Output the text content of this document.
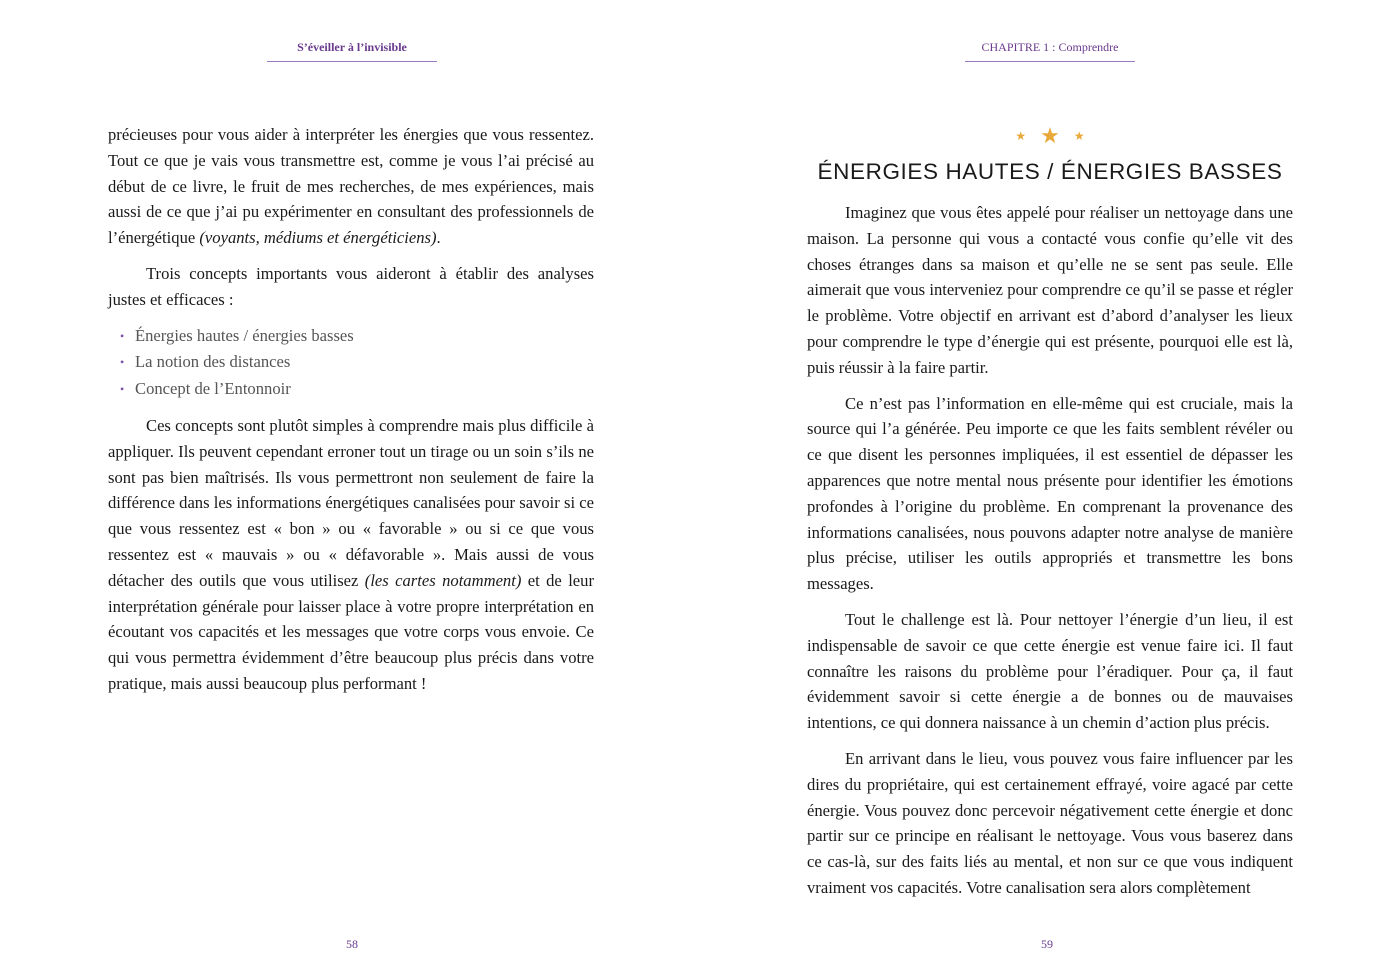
S’éveiller à l’invisible

précieuses pour vous aider à interpréter les énergies que vous ressentez. Tout ce que je vais vous transmettre est, comme je vous l’ai précisé au début de ce livre, le fruit de mes recherches, de mes expériences, mais aussi de ce que j’ai pu expérimenter en consultant des professionnels de l’énergétique (voyants, médiums et énergéticiens).

Trois concepts importants vous aideront à établir des analyses justes et efficaces :

• Énergies hautes / énergies basses
• La notion des distances
• Concept de l’Entonnoir

Ces concepts sont plutôt simples à comprendre mais plus difficile à appliquer. Ils peuvent cependant erroner tout un tirage ou un soin s’ils ne sont pas bien maîtrisés. Ils vous permettront non seulement de faire la différence dans les informations énergétiques canalisées pour savoir si ce que vous ressentez est « bon » ou « favorable » ou si ce que vous ressentez est « mauvais » ou « défavorable ». Mais aussi de vous détacher des outils que vous utilisez (les cartes notamment) et de leur interprétation générale pour laisser place à votre propre interprétation en écoutant vos capacités et les messages que votre corps vous envoie. Ce qui vous permettra évidemment d’être beaucoup plus précis dans votre pratique, mais aussi beaucoup plus performant !

58
CHAPITRE 1 : Comprendre
★ ★ ★
ÉNERGIES HAUTES / ÉNERGIES BASSES

Imaginez que vous êtes appelé pour réaliser un nettoyage dans une maison. La personne qui vous a contacté vous confie qu’elle vit des choses étranges dans sa maison et qu’elle ne se sent pas seule. Elle aimerait que vous interveniez pour comprendre ce qu’il se passe et régler le problème. Votre objectif en arrivant est d’abord d’analyser les lieux pour comprendre le type d’énergie qui est présente, pourquoi elle est là, puis réussir à la faire partir.

Ce n’est pas l’information en elle-même qui est cruciale, mais la source qui l’a générée. Peu importe ce que les faits semblent révéler ou ce que disent les personnes impliquées, il est essentiel de dépasser les apparences que notre mental nous présente pour identifier les émotions profondes à l’origine du problème. En comprenant la provenance des informations canalisées, nous pouvons adapter notre analyse de manière plus précise, utiliser les outils appropriés et transmettre les bons messages.

Tout le challenge est là. Pour nettoyer l’énergie d’un lieu, il est indispensable de savoir ce que cette énergie est venue faire ici. Il faut connaître les raisons du problème pour l’éradiquer. Pour ça, il faut évidemment savoir si cette énergie a de bonnes ou de mauvaises intentions, ce qui donnera naissance à un chemin d’action plus précis.

En arrivant dans le lieu, vous pouvez vous faire influencer par les dires du propriétaire, qui est certainement effrayé, voire agacé par cette énergie. Vous pouvez donc percevoir négativement cette énergie et donc partir sur ce principe en réalisant le nettoyage. Vous vous baserez dans ce cas-là, sur des faits liés au mental, et non sur ce que vous indiquent vraiment vos capacités. Votre canalisation sera alors complètement

59
